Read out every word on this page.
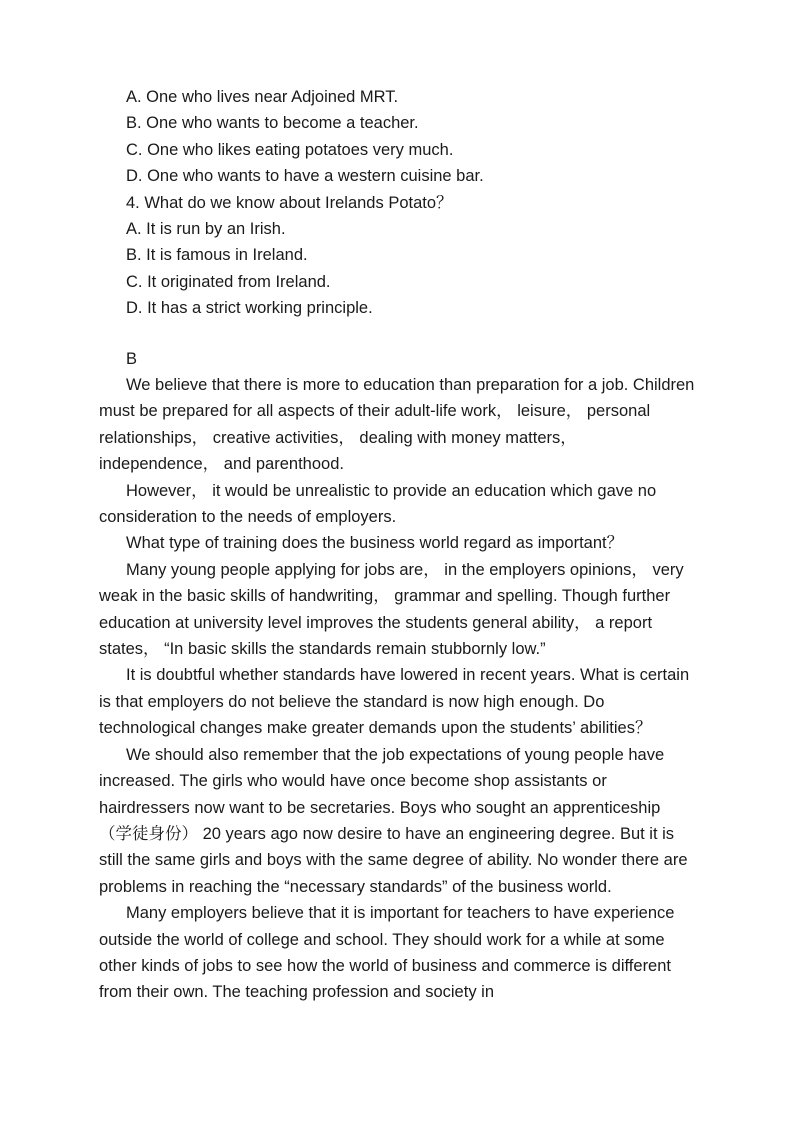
A. One who lives near Adjoined MRT.

B. One who wants to become a teacher.

C. One who likes eating potatoes very much.

D. One who wants to have a western cuisine bar.

4. What do we know about Irelands Potato？

A. It is run by an Irish.

B. It is famous in Ireland.

C. It originated from Ireland.

D. It has a strict working principle.

B

We believe that there is more to education than preparation for a job. Children must be prepared for all aspects of their adult-life work， leisure， personal relationships， creative activities， dealing with money matters， independence， and parenthood.

However， it would be unrealistic to provide an education which gave no consideration to the needs of employers.

What type of training does the business world regard as important？

Many young people applying for jobs are， in the employers opinions， very weak in the basic skills of handwriting， grammar and spelling. Though further education at university level improves the students general ability， a report states， “In basic skills the standards remain stubbornly low.”

It is doubtful whether standards have lowered in recent years. What is certain is that employers do not believe the standard is now high enough. Do technological changes make greater demands upon the students’ abilities？

We should also remember that the job expectations of young people have increased. The girls who would have once become shop assistants or hairdressers now want to be secretaries. Boys who sought an apprenticeship （学徒身份） 20 years ago now desire to have an engineering degree. But it is still the same girls and boys with the same degree of ability. No wonder there are problems in reaching the “necessary standards” of the business world.

Many employers believe that it is important for teachers to have experience outside the world of college and school. They should work for a while at some other kinds of jobs to see how the world of business and commerce is different from their own. The teaching profession and society in
